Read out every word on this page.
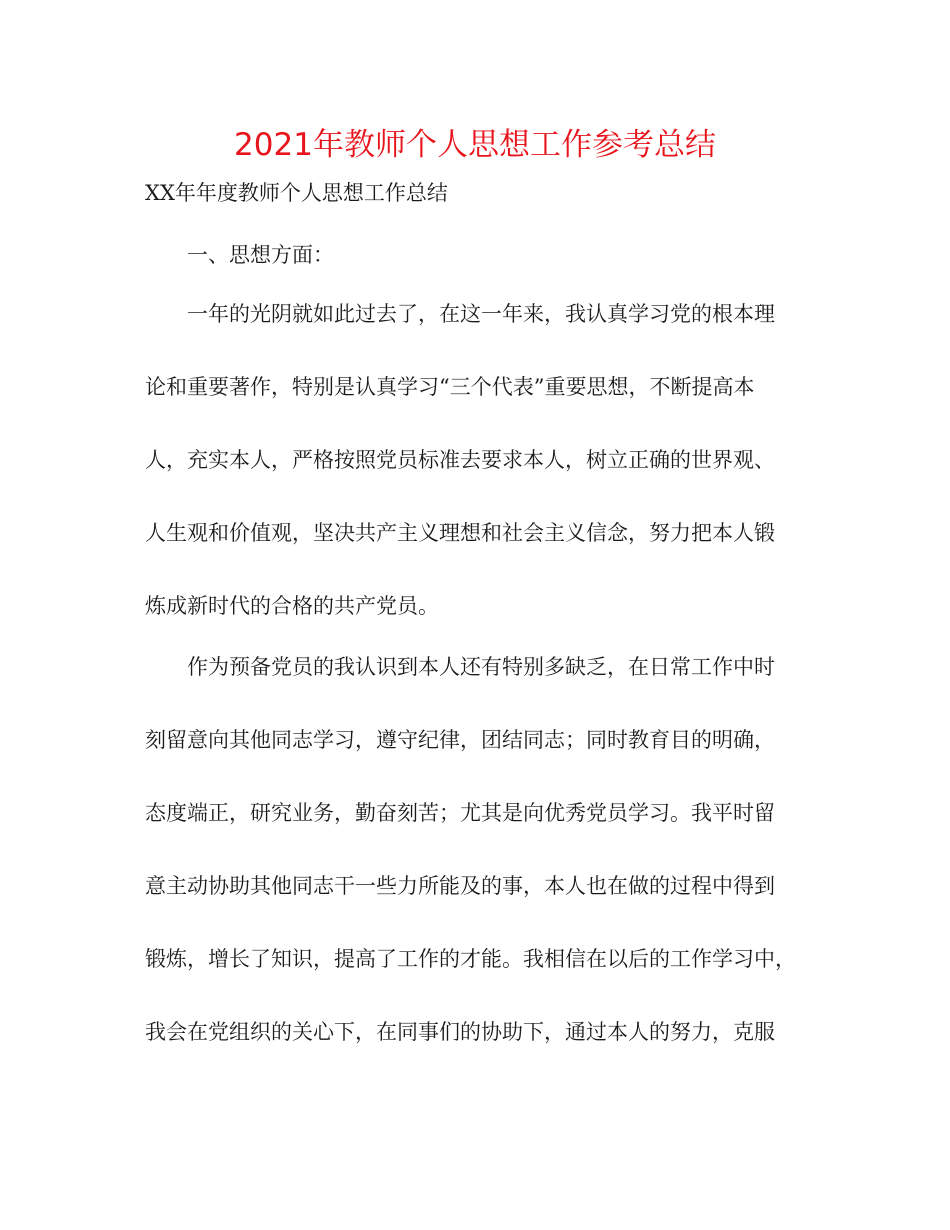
2021年教师个人思想工作参考总结

XX年年度教师个人思想工作总结

一、思想方面：

一年的光阴就如此过去了，在这一年来，我认真学习党的根本理

论和重要著作，特别是认真学习“三个代表”重要思想，不断提高本

人，充实本人，严格按照党员标准去要求本人，树立正确的世界观、

人生观和价值观，坚决共产主义理想和社会主义信念，努力把本人锻

炼成新时代的合格的共产党员。

作为预备党员的我认识到本人还有特别多缺乏，在日常工作中时

刻留意向其他同志学习，遵守纪律，团结同志；同时教育目的明确，

态度端正，研究业务，勤奋刻苦；尤其是向优秀党员学习。我平时留

意主动协助其他同志干一些力所能及的事，本人也在做的过程中得到

锻炼，增长了知识，提高了工作的才能。我相信在以后的工作学习中，

我会在党组织的关心下，在同事们的协助下，通过本人的努力，克服
